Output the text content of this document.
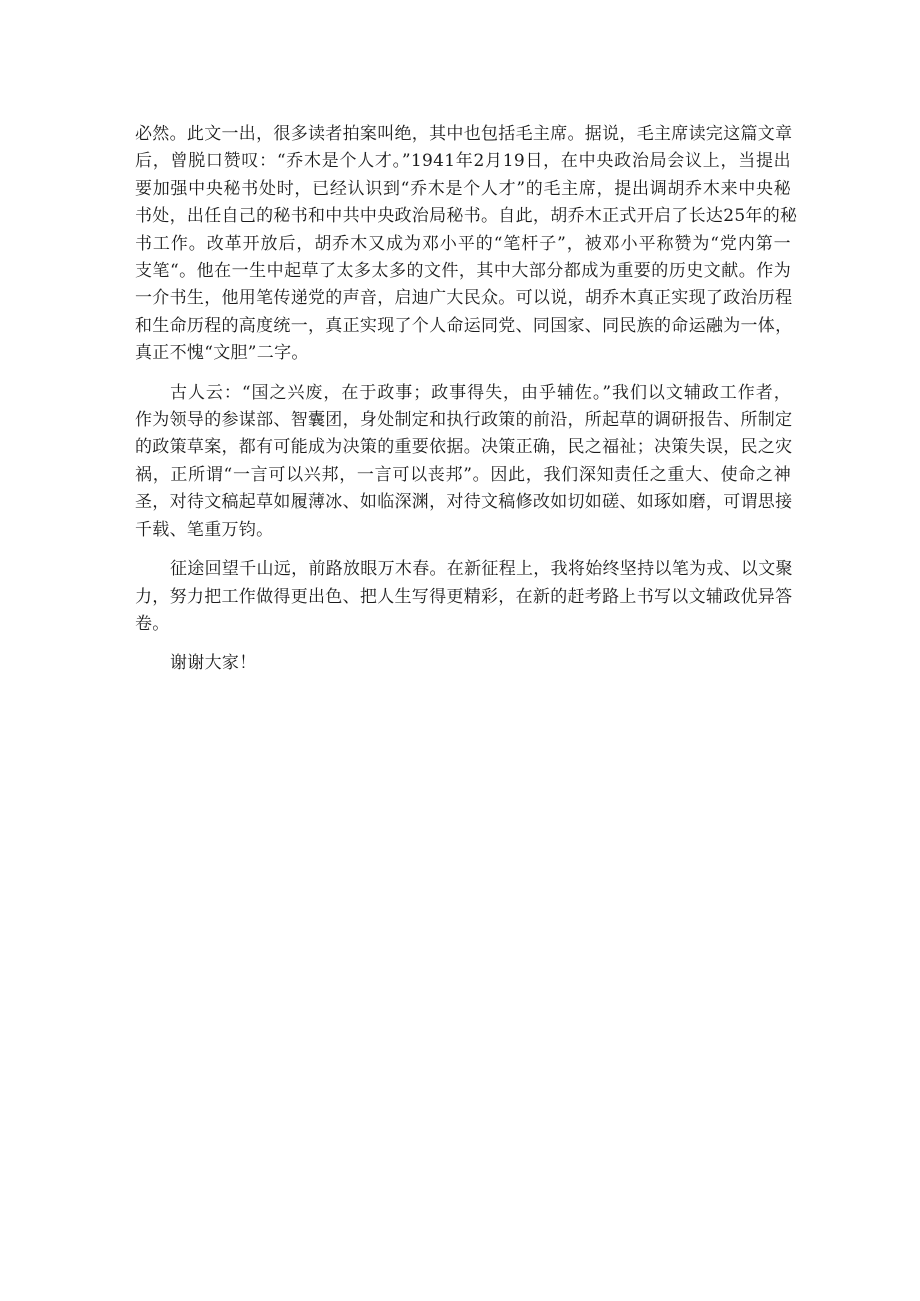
必然。此文一出，很多读者拍案叫绝，其中也包括毛主席。据说，毛主席读完这篇文章
后，曾脱口赞叹：“乔木是个人才。”1941年2月19日，在中央政治局会议上，当提出
要加强中央秘书处时，已经认识到“乔木是个人才”的毛主席，提出调胡乔木来中央秘
书处，出任自己的秘书和中共中央政治局秘书。自此，胡乔木正式开启了长达25年的秘
书工作。改革开放后，胡乔木又成为邓小平的“笔杆子”，被邓小平称赞为“党内第一
支笔“。他在一生中起草了太多太多的文件，其中大部分都成为重要的历史文献。作为
一介书生，他用笔传递党的声音，启迪广大民众。可以说，胡乔木真正实现了政治历程
和生命历程的高度统一，真正实现了个人命运同党、同国家、同民族的命运融为一体，
真正不愧“文胆”二字。

古人云：“国之兴废，在于政事；政事得失，由乎辅佐。”我们以文辅政工作者，
作为领导的参谋部、智囊团，身处制定和执行政策的前沿，所起草的调研报告、所制定
的政策草案，都有可能成为决策的重要依据。决策正确，民之福祉；决策失误，民之灾
祸，正所谓“一言可以兴邦，一言可以丧邦”。因此，我们深知责任之重大、使命之神
圣，对待文稿起草如履薄冰、如临深渊，对待文稿修改如切如磋、如琢如磨，可谓思接
千载、笔重万钧。

征途回望千山远，前路放眼万木春。在新征程上，我将始终坚持以笔为戎、以文聚
力，努力把工作做得更出色、把人生写得更精彩，在新的赶考路上书写以文辅政优异答
卷。

谢谢大家！
